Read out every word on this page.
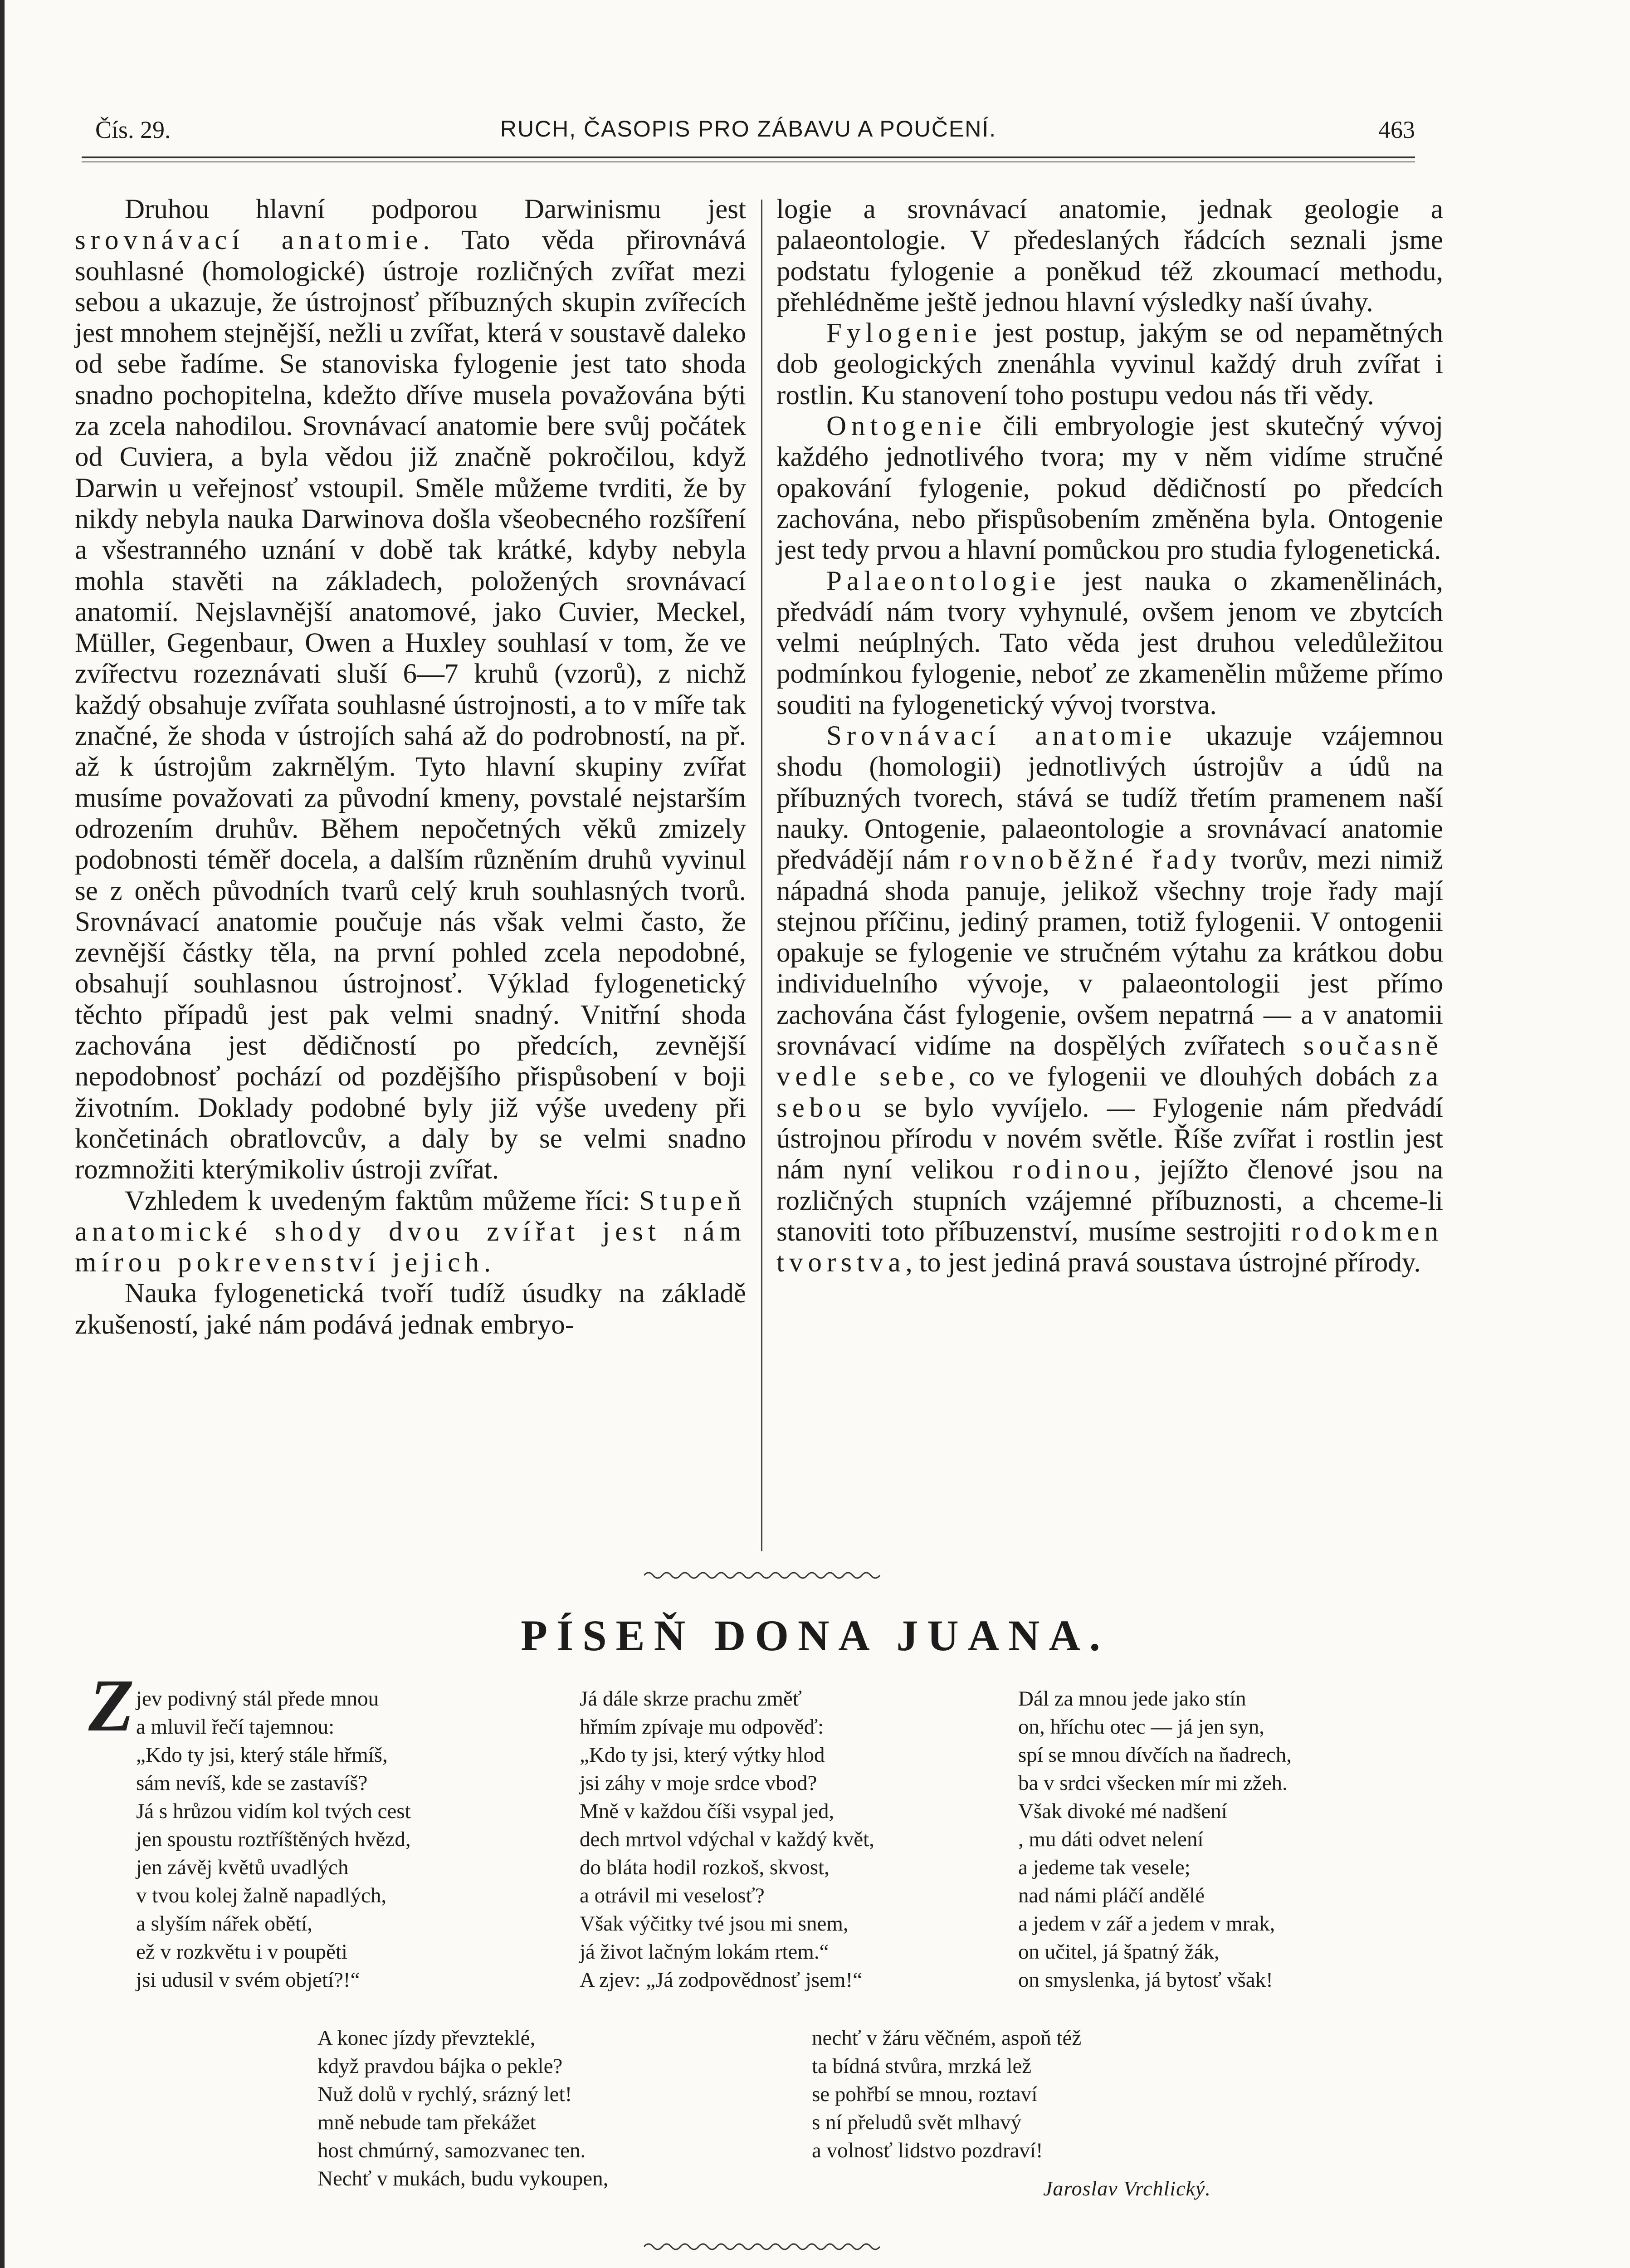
Čís. 29.	RUCH, ČASOPIS PRO ZÁBAVU A POUČENÍ.	463

Druhou hlavní podporou Darwinismu jest srovnávací anatomie. Tato věda přirovnává souhlasné (homologické) ústroje rozličných zvířat mezi sebou a ukazuje, že ústrojnosť příbuzných skupin zvířecích jest mnohem stejnější, nežli u zvířat, která v soustavě daleko od sebe řadíme. Se stanoviska fylogenie jest tato shoda snadno pochopitelna, kdežto dříve musela považována býti za zcela nahodilou. Srovnávací anatomie bere svůj počátek od Cuviera, a byla vědou již značně pokročilou, když Darwin u veřejnosť vstoupil. Směle můžeme tvrditi, že by nikdy nebyla nauka Darwinova došla všeobecného rozšíření a všestranného uznání v době tak krátké, kdyby nebyla mohla stavěti na základech, položených srovnávací anatomií. Nejslavnější anatomové, jako Cuvier, Meckel, Müller, Gegenbaur, Owen a Huxley souhlasí v tom, že ve zvířectvu rozeznávati sluší 6—7 kruhů (vzorů), z nichž každý obsahuje zvířata souhlasné ústrojnosti, a to v míře tak značné, že shoda v ústrojích sahá až do podrobností, na př. až k ústrojům zakrnělým. Tyto hlavní skupiny zvířat musíme považovati za původní kmeny, povstalé nejstarším odrozením druhův. Během nepočetných věků zmizely podobnosti téměř docela, a dalším různěním druhů vyvinul se z oněch původních tvarů celý kruh souhlasných tvorů. Srovnávací anatomie poučuje nás však velmi často, že zevnější částky těla, na první pohled zcela nepodobné, obsahují souhlasnou ústrojnosť. Výklad fylogenetický těchto případů jest pak velmi snadný. Vnitřní shoda zachována jest dědičností po předcích, zevnější nepodobnosť pochází od pozdějšího přispůsobení v boji životním. Doklady podobné byly již výše uvedeny při končetinách obratlovcův, a daly by se velmi snadno rozmnožiti kterýmikoliv ústroji zvířat.

Vzhledem k uvedeným faktům můžeme říci: Stupeň anatomické shody dvou zvířat jest nám mírou pokrevenství jejich.

Nauka fylogenetická tvoří tudíž úsudky na základě zkušeností, jaké nám podává jednak embryo-

logie a srovnávací anatomie, jednak geologie a palaeontologie. V předeslaných řádcích seznali jsme podstatu fylogenie a poněkud též zkoumací methodu, přehlédněme ještě jednou hlavní výsledky naší úvahy.

Fylogenie jest postup, jakým se od nepamětných dob geologických znenáhla vyvinul každý druh zvířat i rostlin. Ku stanovení toho postupu vedou nás tři vědy.

Ontogenie čili embryologie jest skutečný vývoj každého jednotlivého tvora; my v něm vidíme stručné opakování fylogenie, pokud dědičností po předcích zachována, nebo přispůsobením změněna byla. Ontogenie jest tedy prvou a hlavní pomůckou pro studia fylogenetická.

Palaeontologie jest nauka o zkamenělinách, předvádí nám tvory vyhynulé, ovšem jenom ve zbytcích velmi neúplných. Tato věda jest druhou veledůležitou podmínkou fylogenie, neboť ze zkamenělin můžeme přímo souditi na fylogenetický vývoj tvorstva.

Srovnávací anatomie ukazuje vzájemnou shodu (homologii) jednotlivých ústrojův a údů na příbuzných tvorech, stává se tudíž třetím pramenem naší nauky. Ontogenie, palaeontologie a srovnávací anatomie předvádějí nám rovnoběžné řady tvorův, mezi nimiž nápadná shoda panuje, jelikož všechny troje řady mají stejnou příčinu, jediný pramen, totiž fylogenii. V ontogenii opakuje se fylogenie ve stručném výtahu za krátkou dobu individuelního vývoje, v palaeontologii jest přímo zachována část fylogenie, ovšem nepatrná — a v anatomii srovnávací vidíme na dospělých zvířatech současně vedle sebe, co ve fylogenii ve dlouhých dobách za sebou se bylo vyvíjelo. — Fylogenie nám předvádí ústrojnou přírodu v novém světle. Říše zvířat i rostlin jest nám nyní velikou rodinou, jejížto členové jsou na rozličných stupních vzájemné příbuznosti, a chceme-li stanoviti toto příbuzenství, musíme sestrojiti rodokmen tvorstva, to jest jediná pravá soustava ústrojné přírody.

PÍSEŇ DONA JUANA.
Z jev podivný stál přede mnou
a mluvil řečí tajemnou:
„Kdo ty jsi, který stále hřmíš,
sám nevíš, kde se zastavíš?
Já s hrůzou vidím kol tvých cest
jen spoustu roztříštěných hvězd,
jen závěj květů uvadlých
v tvou kolej žalně napadlých,
a slyším nářek obětí,
ež v rozkvětu i v poupěti
jsi udusil v svém objetí?!“
Já dále skrze prachu změť
hřmím zpívaje mu odpověď:
„Kdo ty jsi, který výtky hlod
jsi záhy v moje srdce vbod?
Mně v každou číši vsypal jed,
dech mrtvol vdýchal v každý květ,
do bláta hodil rozkoš, skvost,
a otrávil mi veselosť?
Však výčitky tvé jsou mi snem,
já život lačným lokám rtem.“
A zjev: „Já zodpovědnosť jsem!“
Dál za mnou jede jako stín
on, hříchu otec — já jen syn,
spí se mnou dívčích na ňadrech,
ba v srdci všecken mír mi zžeh.
Však divoké mé nadšení
, mu dáti odvet nelení
a jedeme tak vesele;
nad námi pláčí andělé
a jedem v zář a jedem v mrak,
on učitel, já špatný žák,
on smyslenka, já bytosť však!
A konec jízdy převzteklé,
když pravdou bájka o pekle?
Nuž dolů v rychlý, srázný let!
mně nebude tam překážet
host chmúrný, samozvanec ten.
Nechť v mukách, budu vykoupen,
nechť v žáru věčném, aspoň též
ta bídná stvůra, mrzká lež
se pohřbí se mnou, roztaví
s ní přeludů svět mlhavý
a volnosť lidstvo pozdraví!
Jaroslav Vrchlický.
